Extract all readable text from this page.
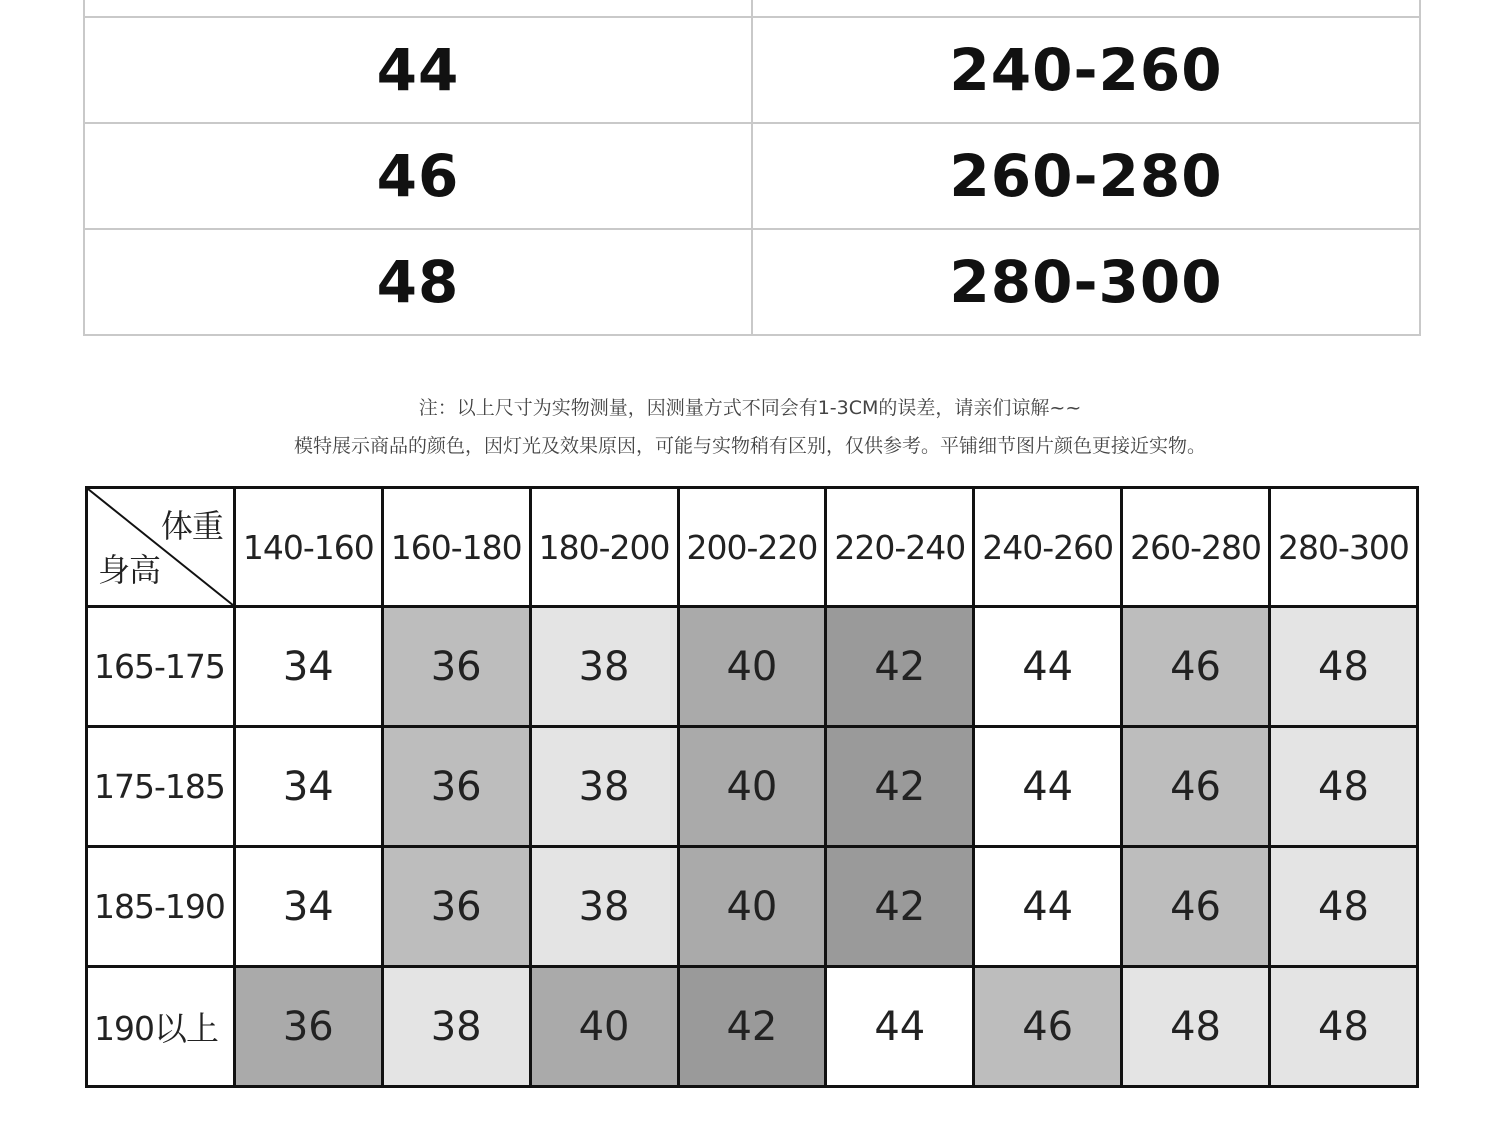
44	240-260
46	260-280
48	280-300
注：以上尺寸为实物测量，因测量方式不同会有1-3CM的误差，请亲们谅解~~
模特展示商品的颜色，因灯光及效果原因，可能与实物稍有区别，仅供参考。平铺细节图片颜色更接近实物。
体重
身高	140-160	160-180	180-200	200-220	220-240	240-260	260-280	280-300
165-175	34	36	38	40	42	44	46	48
175-185	34	36	38	40	42	44	46	48
185-190	34	36	38	40	42	44	46	48
190以上	36	38	40	42	44	46	48	48
